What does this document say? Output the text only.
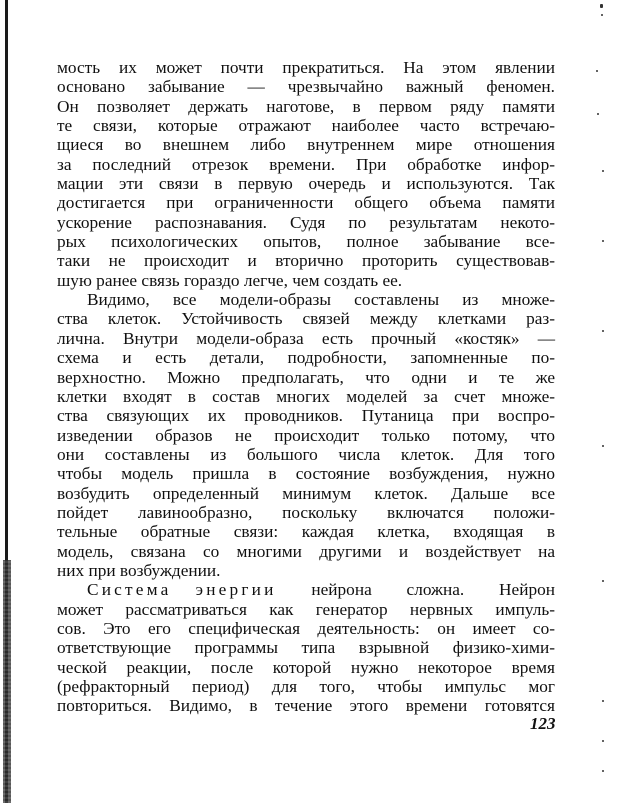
мость их может почти прекратиться. На этом явлении
основано забывание — чрезвычайно важный феномен.
Он позволяет держать наготове, в первом ряду памяти
те связи, которые отражают наиболее часто встречаю-
щиеся во внешнем либо внутреннем мире отношения
за последний отрезок времени. При обработке инфор-
мации эти связи в первую очередь и используются. Так
достигается при ограниченности общего объема памяти
ускорение распознавания. Судя по результатам некото-
рых психологических опытов, полное забывание все-
таки не происходит и вторично проторить существовав-
шую ранее связь гораздо легче, чем создать ее.
Видимо, все модели-образы составлены из множе-
ства клеток. Устойчивость связей между клетками раз-
лична. Внутри модели-образа есть прочный «костяк» —
схема и есть детали, подробности, запомненные по-
верхностно. Можно предполагать, что одни и те же
клетки входят в состав многих моделей за счет множе-
ства связующих их проводников. Путаница при воспро-
изведении образов не происходит только потому, что
они составлены из большого числа клеток. Для того
чтобы модель пришла в состояние возбуждения, нужно
возбудить определенный минимум клеток. Дальше все
пойдет лавинообразно, поскольку включатся положи-
тельные обратные связи: каждая клетка, входящая в
модель, связана со многими другими и воздействует на
них при возбуждении.
Система энергии нейрона сложна. Нейрон
может рассматриваться как генератор нервных импуль-
сов. Это его специфическая деятельность: он имеет со-
ответствующие программы типа взрывной физико-хими-
ческой реакции, после которой нужно некоторое время
(рефракторный период) для того, чтобы импульс мог
повториться. Видимо, в течение этого времени готовятся
123
